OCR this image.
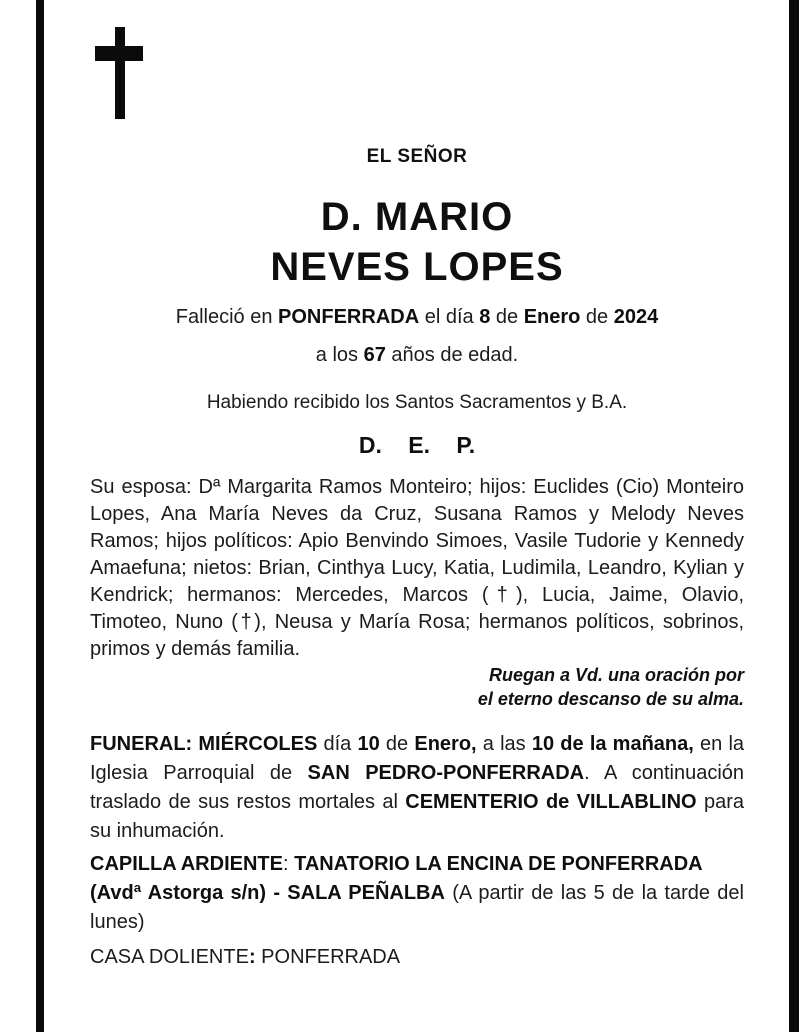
EL SEÑOR
D. MARIO
NEVES LOPES
Falleció en PONFERRADA el día 8 de Enero de 2024
a los 67 años de edad.
Habiendo recibido los Santos Sacramentos y B.A.
D. E. P.
Su esposa: Dª Margarita Ramos Monteiro; hijos: Euclides (Cio) Monteiro Lopes, Ana María Neves da Cruz, Susana Ramos y Melody Neves Ramos; hijos políticos: Apio Benvindo Simoes, Vasile Tudorie y Kennedy Amaefuna; nietos: Brian, Cinthya Lucy, Katia, Ludimila, Leandro, Kylian y Kendrick; hermanos: Mercedes, Marcos (†), Lucia, Jaime, Olavio, Timoteo, Nuno (†), Neusa y María Rosa; hermanos políticos, sobrinos, primos y demás familia.
Ruegan a Vd. una oración por
el eterno descanso de su alma.
FUNERAL: MIÉRCOLES día 10 de Enero, a las 10 de la mañana, en la Iglesia Parroquial de SAN PEDRO-PONFERRADA. A continuación traslado de sus restos mortales al CEMENTERIO de VILLABLINO para su inhumación.
CAPILLA ARDIENTE: TANATORIO LA ENCINA DE PONFERRADA
(Avdª Astorga s/n) - SALA PEÑALBA (A partir de las 5 de la tarde del lunes)
CASA DOLIENTE: PONFERRADA
